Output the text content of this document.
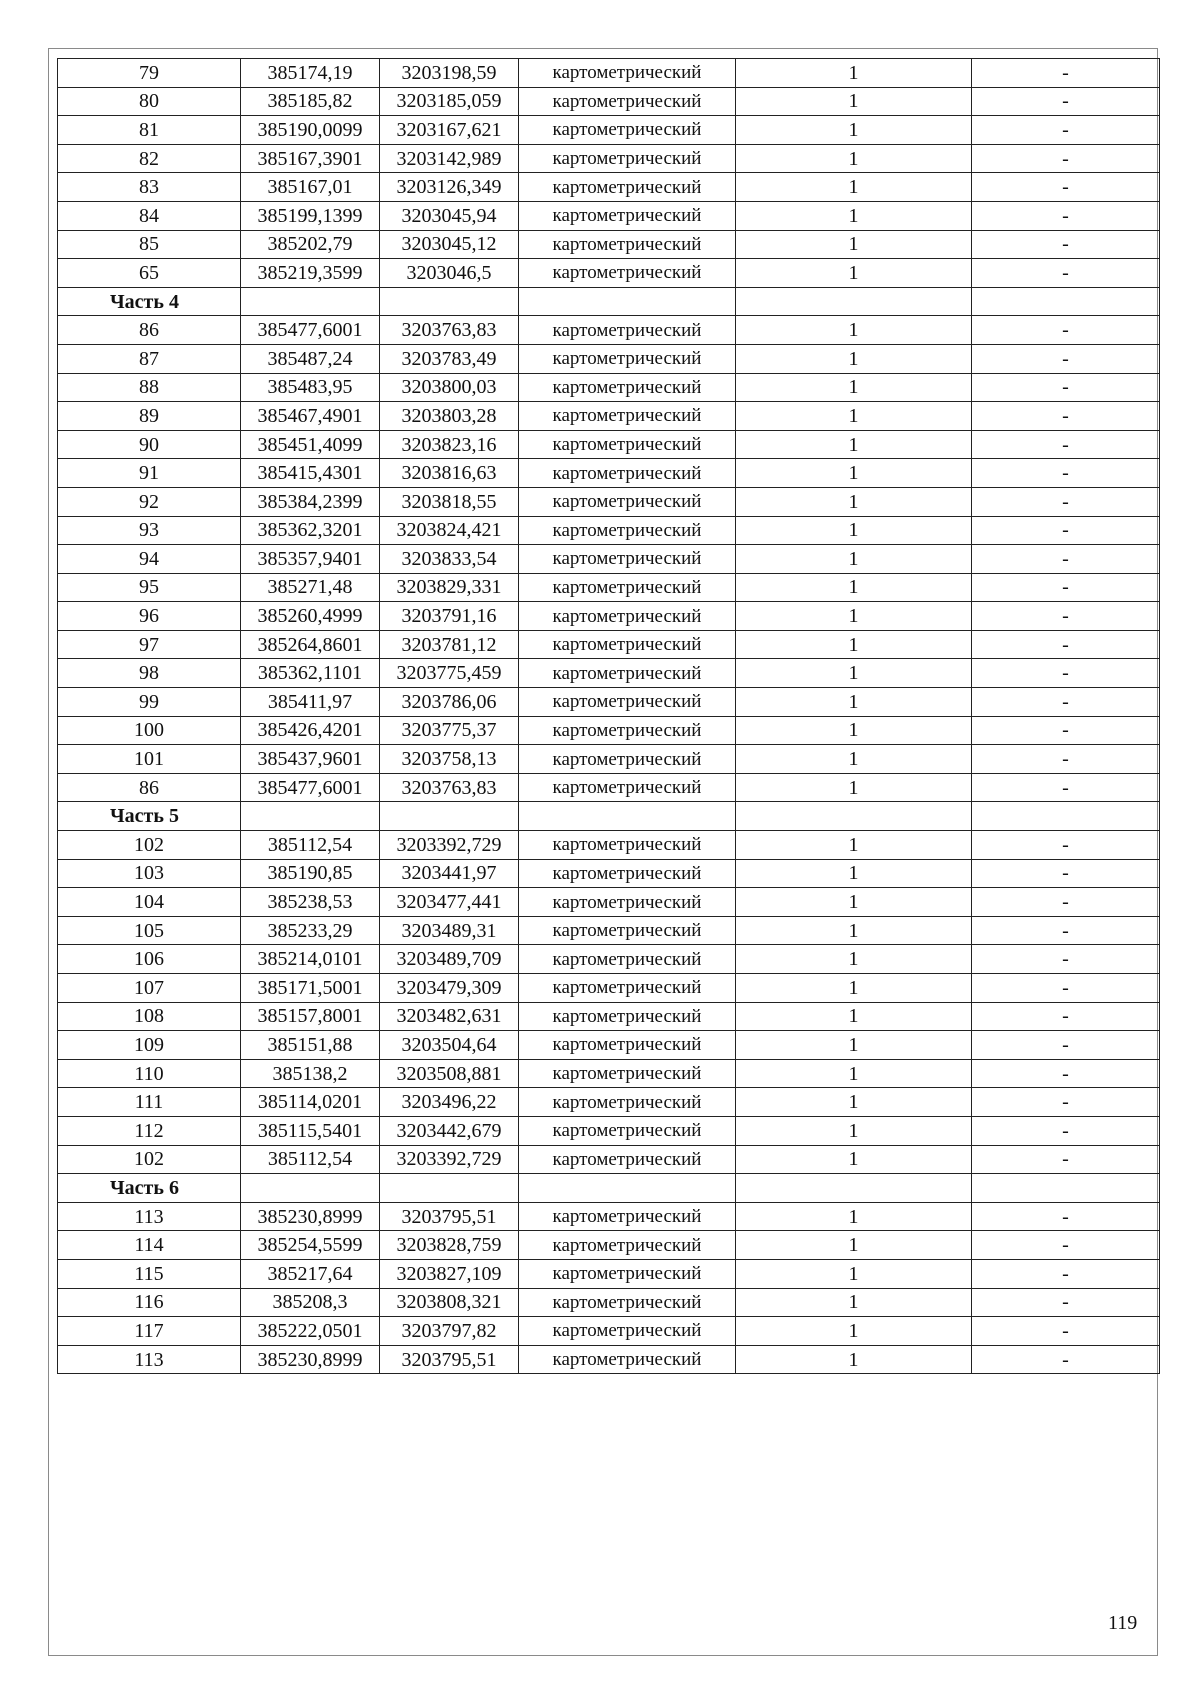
79	385174,19	3203198,59	картометрический	1	-
80	385185,82	3203185,059	картометрический	1	-
81	385190,0099	3203167,621	картометрический	1	-
82	385167,3901	3203142,989	картометрический	1	-
83	385167,01	3203126,349	картометрический	1	-
84	385199,1399	3203045,94	картометрический	1	-
85	385202,79	3203045,12	картометрический	1	-
65	385219,3599	3203046,5	картометрический	1	-
Часть 4					
86	385477,6001	3203763,83	картометрический	1	-
87	385487,24	3203783,49	картометрический	1	-
88	385483,95	3203800,03	картометрический	1	-
89	385467,4901	3203803,28	картометрический	1	-
90	385451,4099	3203823,16	картометрический	1	-
91	385415,4301	3203816,63	картометрический	1	-
92	385384,2399	3203818,55	картометрический	1	-
93	385362,3201	3203824,421	картометрический	1	-
94	385357,9401	3203833,54	картометрический	1	-
95	385271,48	3203829,331	картометрический	1	-
96	385260,4999	3203791,16	картометрический	1	-
97	385264,8601	3203781,12	картометрический	1	-
98	385362,1101	3203775,459	картометрический	1	-
99	385411,97	3203786,06	картометрический	1	-
100	385426,4201	3203775,37	картометрический	1	-
101	385437,9601	3203758,13	картометрический	1	-
86	385477,6001	3203763,83	картометрический	1	-
Часть 5					
102	385112,54	3203392,729	картометрический	1	-
103	385190,85	3203441,97	картометрический	1	-
104	385238,53	3203477,441	картометрический	1	-
105	385233,29	3203489,31	картометрический	1	-
106	385214,0101	3203489,709	картометрический	1	-
107	385171,5001	3203479,309	картометрический	1	-
108	385157,8001	3203482,631	картометрический	1	-
109	385151,88	3203504,64	картометрический	1	-
110	385138,2	3203508,881	картометрический	1	-
111	385114,0201	3203496,22	картометрический	1	-
112	385115,5401	3203442,679	картометрический	1	-
102	385112,54	3203392,729	картометрический	1	-
Часть 6					
113	385230,8999	3203795,51	картометрический	1	-
114	385254,5599	3203828,759	картометрический	1	-
115	385217,64	3203827,109	картометрический	1	-
116	385208,3	3203808,321	картометрический	1	-
117	385222,0501	3203797,82	картометрический	1	-
113	385230,8999	3203795,51	картометрический	1	-
119
